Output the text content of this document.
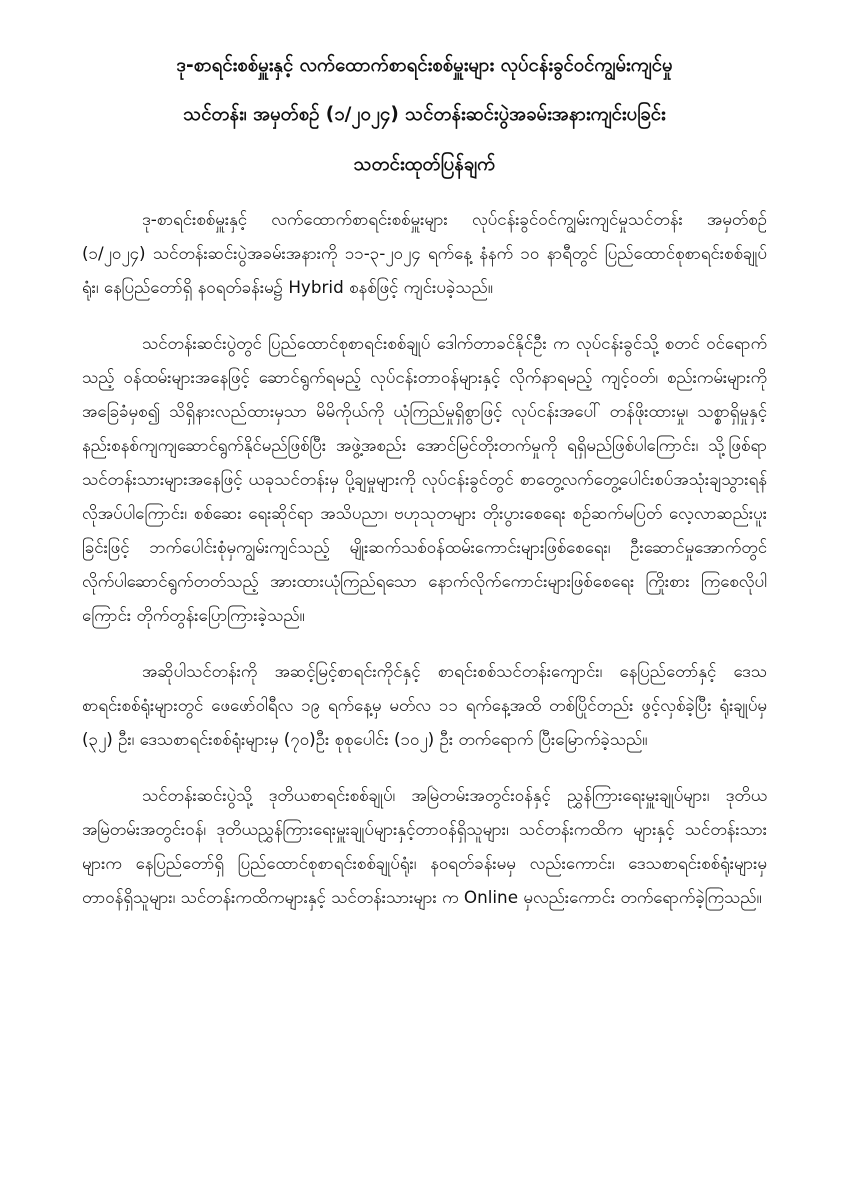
ဒု-စာရင်းစစ်မှူးနှင့် လက်ထောက်စာရင်းစစ်မှူးများ လုပ်ငန်းခွင်ဝင်ကျွမ်းကျင်မှု
သင်တန်း၊ အမှတ်စဉ် (၁/၂၀၂၄) သင်တန်းဆင်းပွဲအခမ်းအနားကျင်းပခြင်း
သတင်းထုတ်ပြန်ချက်

ဒု-စာရင်းစစ်မှူးနှင့် လက်ထောက်စာရင်းစစ်မှူးများ လုပ်ငန်းခွင်ဝင်ကျွမ်းကျင်မှုသင်တန်း အမှတ်စဉ် (၁/၂၀၂၄) သင်တန်းဆင်းပွဲအခမ်းအနားကို ၁၁-၃-၂၀၂၄ ရက်နေ့ နံနက် ၁၀ နာရီတွင် ပြည်ထောင်စုစာရင်းစစ်ချုပ်ရုံး၊ နေပြည်တော်ရှိ နဝရတ်ခန်းမ၌ Hybrid စနစ်ဖြင့် ကျင်းပခဲ့သည်။

သင်တန်းဆင်းပွဲတွင် ပြည်ထောင်စုစာရင်းစစ်ချုပ် ဒေါက်တာခင်နိုင်ဦး က လုပ်ငန်းခွင်သို့ စတင် ဝင်ရောက်သည့် ဝန်ထမ်းများအနေဖြင့် ဆောင်ရွက်ရမည့် လုပ်ငန်းတာဝန်များနှင့် လိုက်နာရမည့် ကျင့်ဝတ်၊ စည်းကမ်းများကို အခြေခံမှစ၍ သိရှိနားလည်ထားမှသာ မိမိကိုယ်ကို ယုံကြည်မှုရှိစွာဖြင့် လုပ်ငန်းအပေါ် တန်ဖိုးထားမှု၊ သစ္စာရှိမှုနှင့် နည်းစနစ်ကျကျဆောင်ရွက်နိုင်မည်ဖြစ်ပြီး အဖွဲ့အစည်း အောင်မြင်တိုးတက်မှုကို ရရှိမည်ဖြစ်ပါကြောင်း၊ သို့ဖြစ်ရာ သင်တန်းသားများအနေဖြင့် ယခုသင်တန်းမှ ပို့ချမှုများကို လုပ်ငန်းခွင်တွင် စာတွေ့လက်တွေ့ပေါင်းစပ်အသုံးချသွားရန် လိုအပ်ပါကြောင်း၊ စစ်ဆေး ရေးဆိုင်ရာ အသိပညာ၊ ဗဟုသုတများ တိုးပွားစေရေး စဉ်ဆက်မပြတ် လေ့လာဆည်းပူးခြင်းဖြင့် ဘက်ပေါင်းစုံမှကျွမ်းကျင်သည့် မျိုးဆက်သစ်ဝန်ထမ်းကောင်းများဖြစ်စေရေး၊ ဦးဆောင်မှုအောက်တွင် လိုက်ပါဆောင်ရွက်တတ်သည့် အားထားယုံကြည်ရသော နောက်လိုက်ကောင်းများဖြစ်စေရေး ကြိုးစား ကြစေလိုပါကြောင်း တိုက်တွန်းပြောကြားခဲ့သည်။

အဆိုပါသင်တန်းကို အဆင့်မြင့်စာရင်းကိုင်နှင့် စာရင်းစစ်သင်တန်းကျောင်း၊ နေပြည်တော်နှင့် ဒေသစာရင်းစစ်ရုံးများတွင် ဖေဖော်ဝါရီလ ၁၉ ရက်နေ့မှ မတ်လ ၁၁ ရက်နေ့အထိ တစ်ပြိုင်တည်း ဖွင့်လှစ်ခဲ့ပြီး ရုံးချုပ်မှ (၃၂) ဦး၊ ဒေသစာရင်းစစ်ရုံးများမှ (၇၀)ဦး စုစုပေါင်း (၁၀၂) ဦး တက်ရောက် ပြီးမြောက်ခဲ့သည်။

သင်တန်းဆင်းပွဲသို့ ဒုတိယစာရင်းစစ်ချုပ်၊ အမြဲတမ်းအတွင်းဝန်နှင့် ညွှန်ကြားရေးမှူးချုပ်များ၊ ဒုတိယအမြဲတမ်းအတွင်းဝန်၊ ဒုတိယညွှန်ကြားရေးမှူးချုပ်များနှင့်တာဝန်ရှိသူများ၊ သင်တန်းကထိက များနှင့် သင်တန်းသားများက နေပြည်တော်ရှိ ပြည်ထောင်စုစာရင်းစစ်ချုပ်ရုံး၊ နဝရတ်ခန်းမမှ လည်းကောင်း၊ ဒေသစာရင်းစစ်ရုံးများမှ တာဝန်ရှိသူများ၊ သင်တန်းကထိကများနှင့် သင်တန်းသားများ က Online မှလည်းကောင်း တက်ရောက်ခဲ့ကြသည်။
